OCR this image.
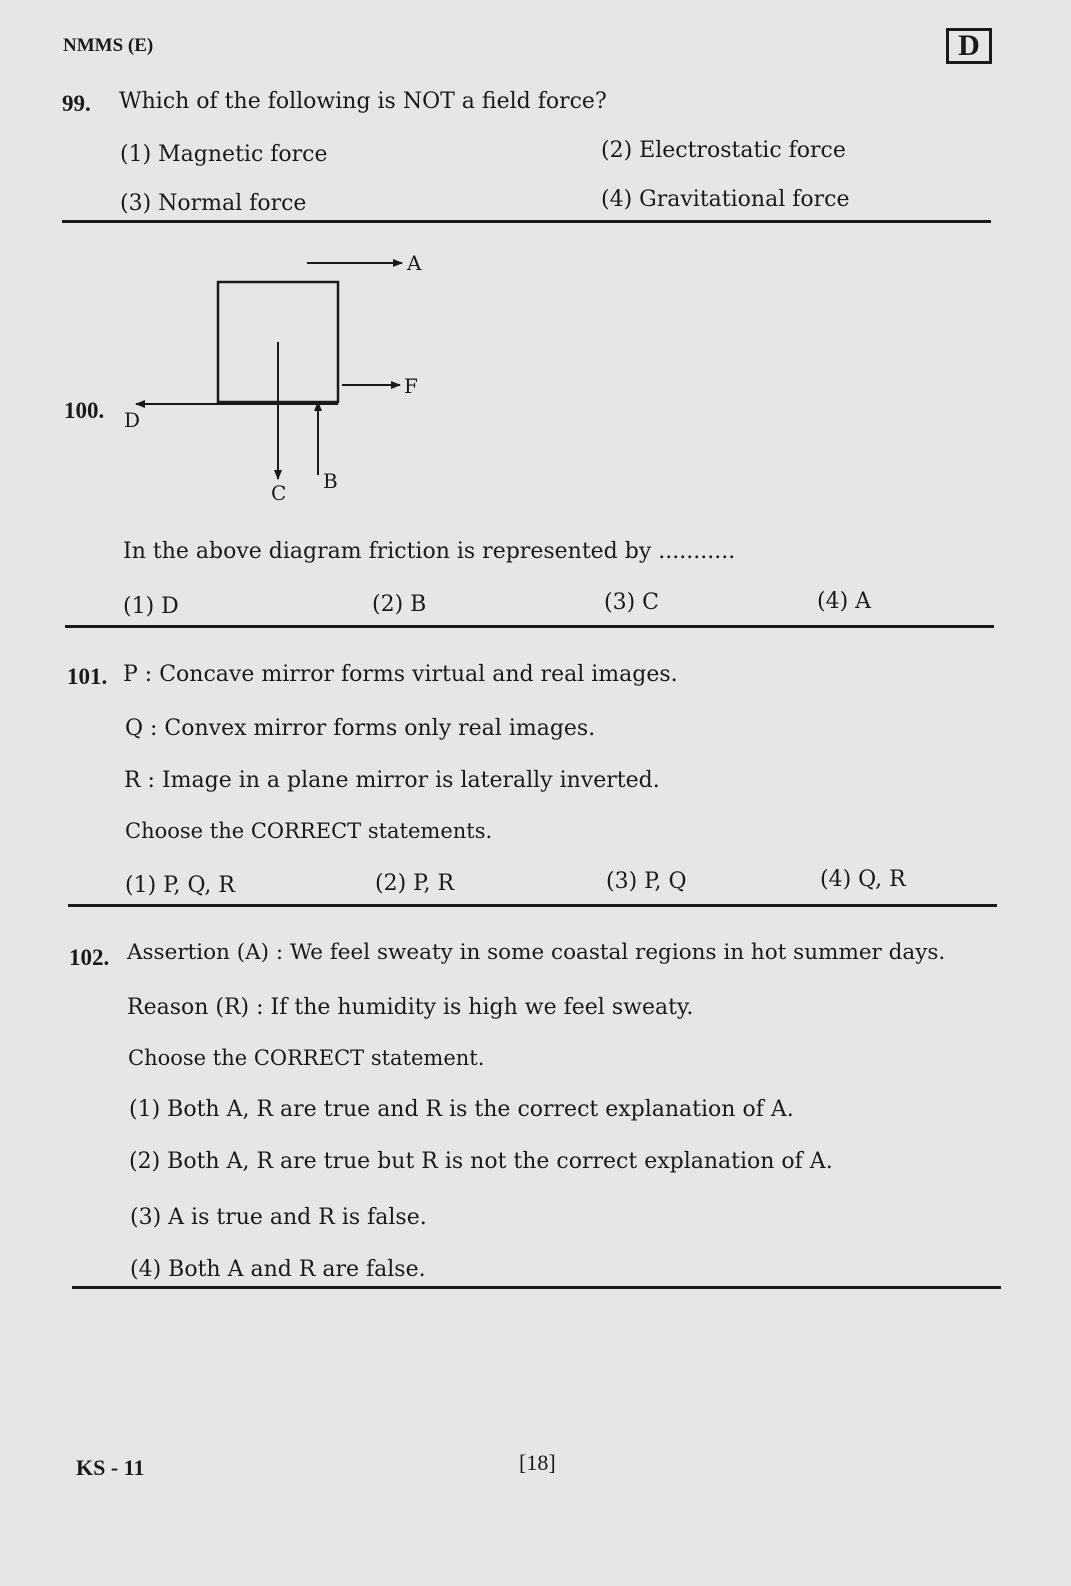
NMMS (E)	D
99. Which of the following is NOT a field force?
(1) Magnetic force	(2) Electrostatic force
(3) Normal force	(4) Gravitational force
100.
A
F
D
C B
In the above diagram friction is represented by ...........
(1) D	(2) B	(3) C	(4) A
101. P : Concave mirror forms virtual and real images.
Q : Convex mirror forms only real images.
R : Image in a plane mirror is laterally inverted.
Choose the CORRECT statements.
(1) P, Q, R	(2) P, R	(3) P, Q	(4) Q, R
102. Assertion (A) : We feel sweaty in some coastal regions in hot summer days.
Reason (R) : If the humidity is high we feel sweaty.
Choose the CORRECT statement.
(1) Both A, R are true and R is the correct explanation of A.
(2) Both A, R are true but R is not the correct explanation of A.
(3) A is true and R is false.
(4) Both A and R are false.
KS - 11	[18]
